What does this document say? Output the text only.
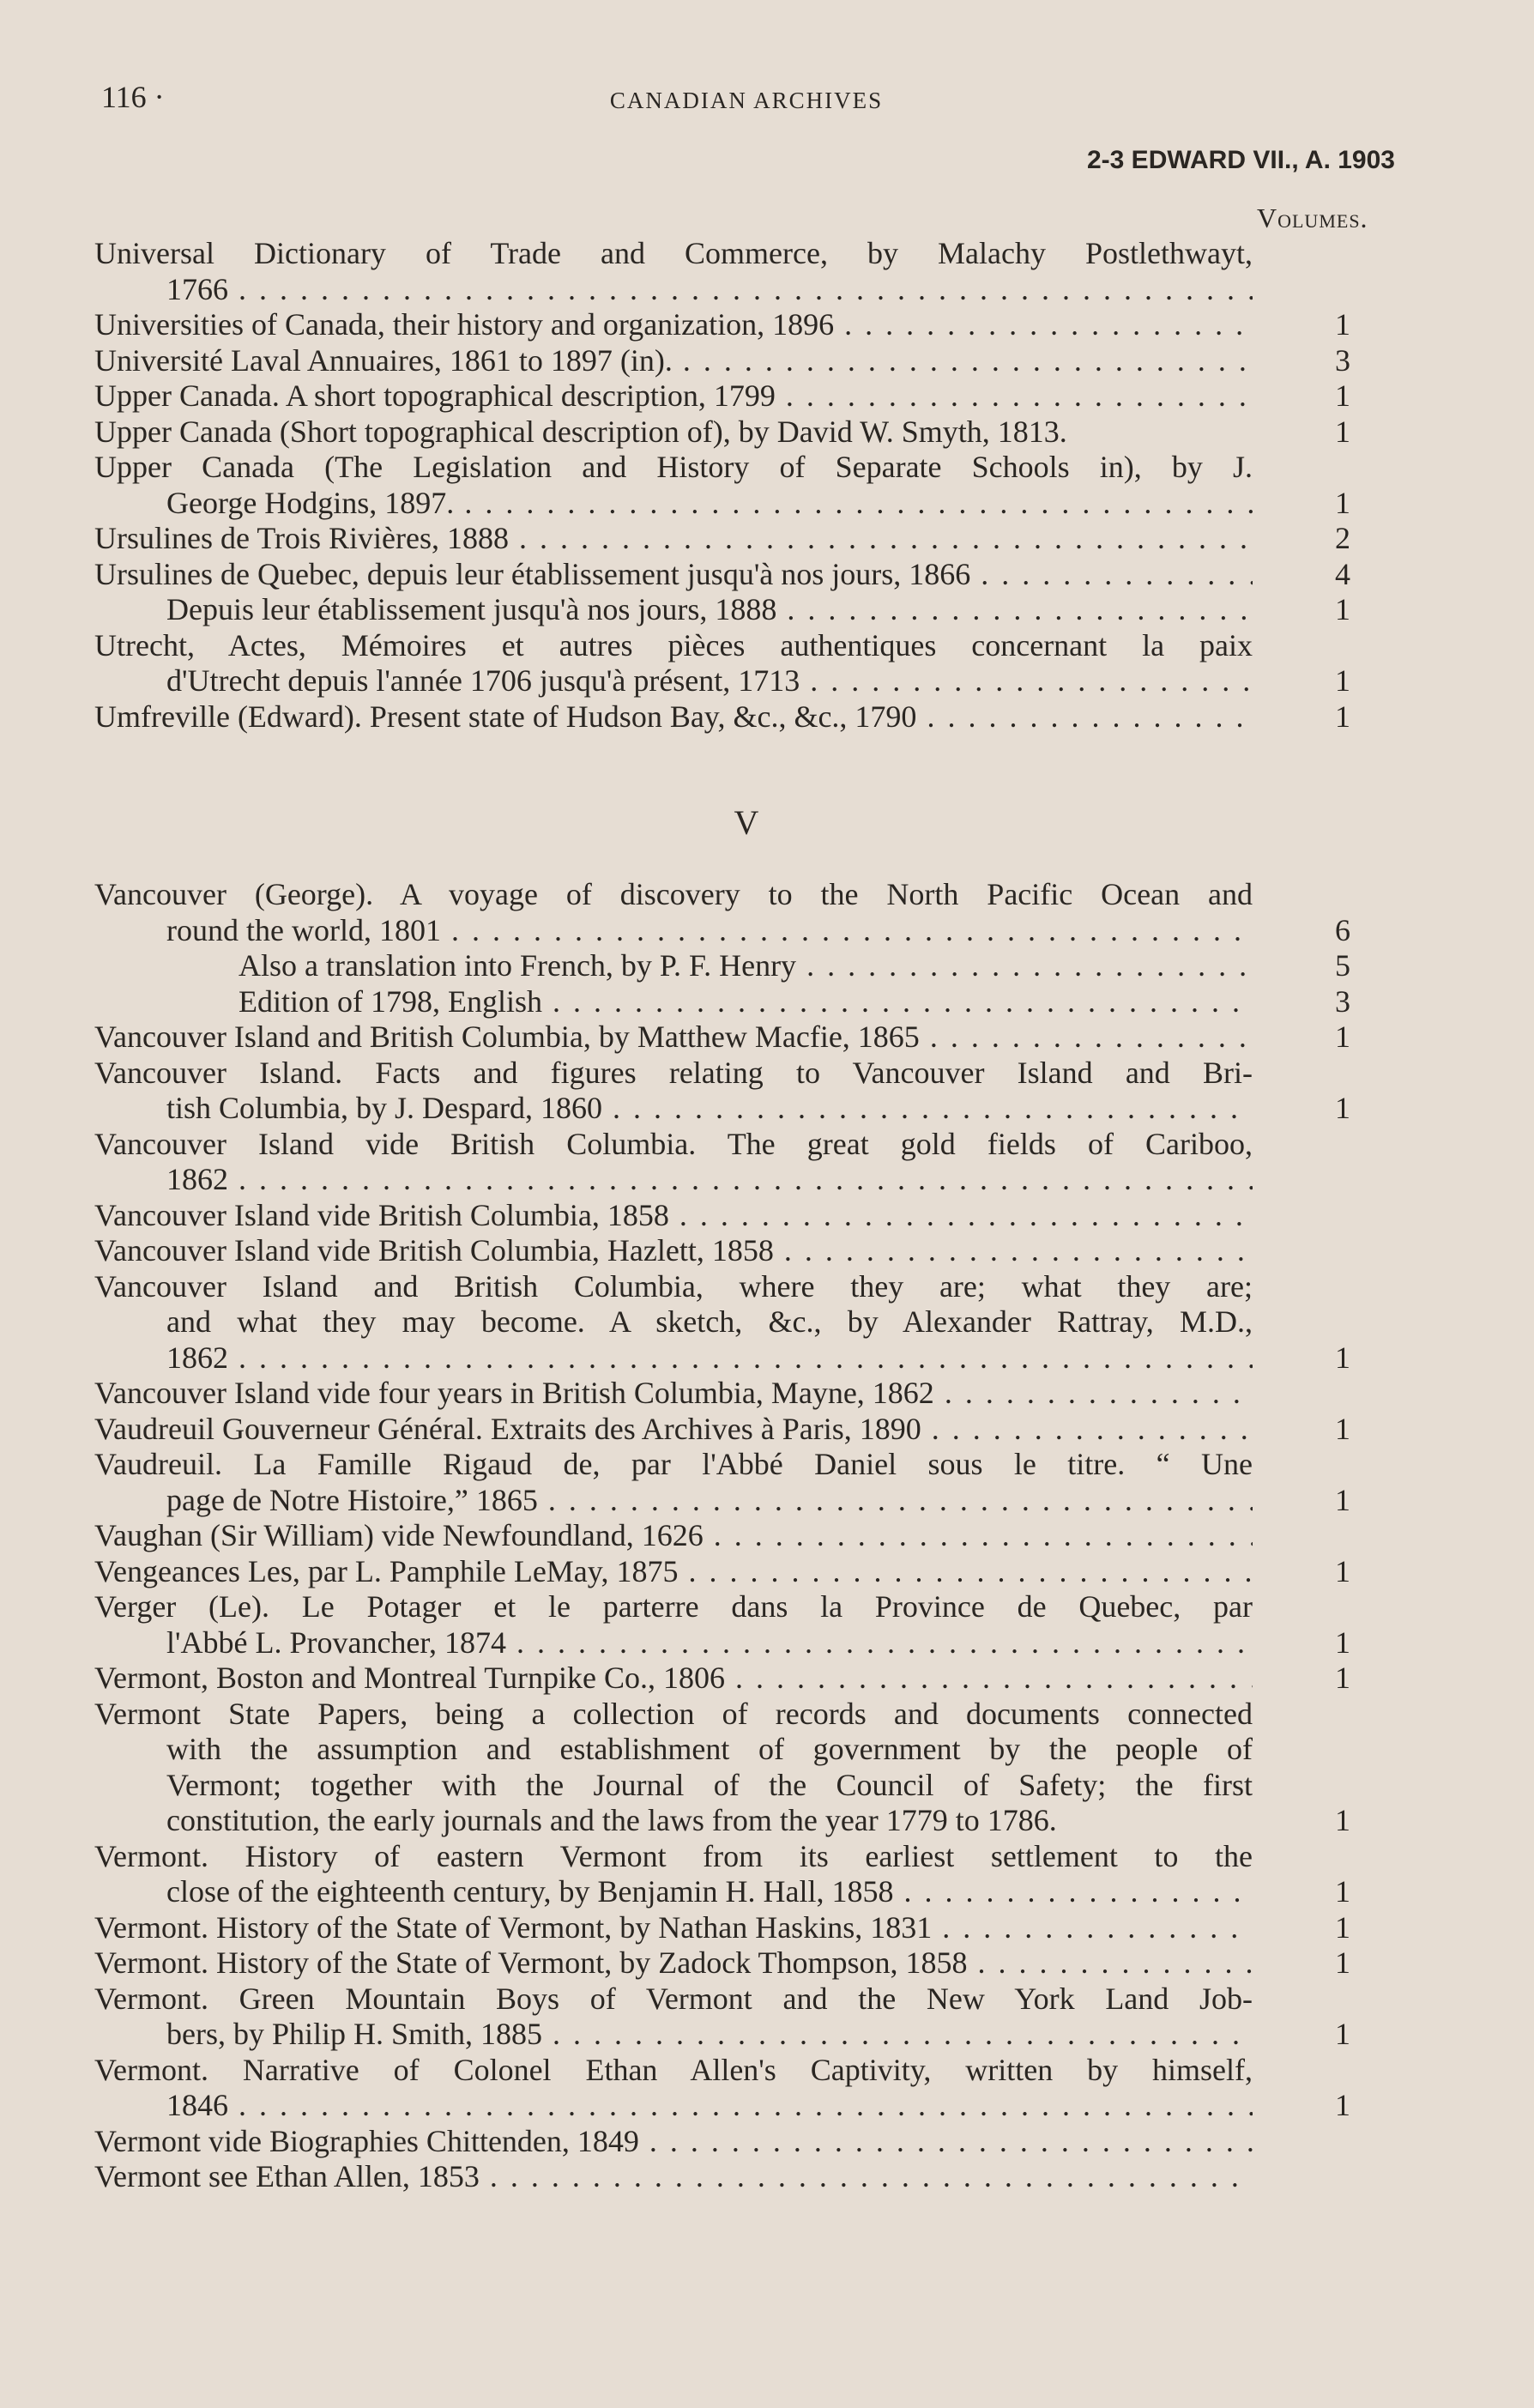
116 ·	CANADIAN ARCHIVES
2-3 EDWARD VII., A. 1903
Volumes.
Universal Dictionary of Trade and Commerce, by Malachy Postlethwayt,
1766 . . .
Universities of Canada, their history and organization, 1896 . . .	1
Université Laval Annuaires, 1861 to 1897 (in). . . .	3
Upper Canada. A short topographical description, 1799 . . .	1
Upper Canada (Short topographical description of), by David W. Smyth, 1813.	1
Upper Canada (The Legislation and History of Separate Schools in), by J.
George Hodgins, 1897. . . .	1
Ursulines de Trois Rivières, 1888 . . .	2
Ursulines de Quebec, depuis leur établissement jusqu'à nos jours, 1866 . . .	4
Depuis leur établissement jusqu'à nos jours, 1888 . . .	1
Utrecht, Actes, Mémoires et autres pièces authentiques concernant la paix
d'Utrecht depuis l'année 1706 jusqu'à présent, 1713 . . .	1
Umfreville (Edward). Present state of Hudson Bay, &c., &c., 1790 . . .	1
V
Vancouver (George). A voyage of discovery to the North Pacific Ocean and
round the world, 1801 . . .	6
Also a translation into French, by P. F. Henry . . .	5
Edition of 1798, English . . .	3
Vancouver Island and British Columbia, by Matthew Macfie, 1865 . . .	1
Vancouver Island. Facts and figures relating to Vancouver Island and Bri-
tish Columbia, by J. Despard, 1860 . . .	1
Vancouver Island vide British Columbia. The great gold fields of Cariboo,
1862 . . .
Vancouver Island vide British Columbia, 1858 . . .
Vancouver Island vide British Columbia, Hazlett, 1858 . . .
Vancouver Island and British Columbia, where they are; what they are;
and what they may become. A sketch, &c., by Alexander Rattray, M.D.,
1862 . . .	1
Vancouver Island vide four years in British Columbia, Mayne, 1862 . . .
Vaudreuil Gouverneur Général. Extraits des Archives à Paris, 1890 . . .	1
Vaudreuil. La Famille Rigaud de, par l'Abbé Daniel sous le titre. “ Une
page de Notre Histoire,” 1865 . . .	1
Vaughan (Sir William) vide Newfoundland, 1626 . . .
Vengeances Les, par L. Pamphile LeMay, 1875 . . .	1
Verger (Le). Le Potager et le parterre dans la Province de Quebec, par
l'Abbé L. Provancher, 1874 . . .	1
Vermont, Boston and Montreal Turnpike Co., 1806 . . .	1
Vermont State Papers, being a collection of records and documents connected
with the assumption and establishment of government by the people of
Vermont; together with the Journal of the Council of Safety; the first
constitution, the early journals and the laws from the year 1779 to 1786.	1
Vermont. History of eastern Vermont from its earliest settlement to the
close of the eighteenth century, by Benjamin H. Hall, 1858 . . .	1
Vermont. History of the State of Vermont, by Nathan Haskins, 1831 . . .	1
Vermont. History of the State of Vermont, by Zadock Thompson, 1858 . . .	1
Vermont. Green Mountain Boys of Vermont and the New York Land Job-
bers, by Philip H. Smith, 1885 . . .	1
Vermont. Narrative of Colonel Ethan Allen's Captivity, written by himself,
1846 . . .	1
Vermont vide Biographies Chittenden, 1849 . . .
Vermont see Ethan Allen, 1853 . . .
